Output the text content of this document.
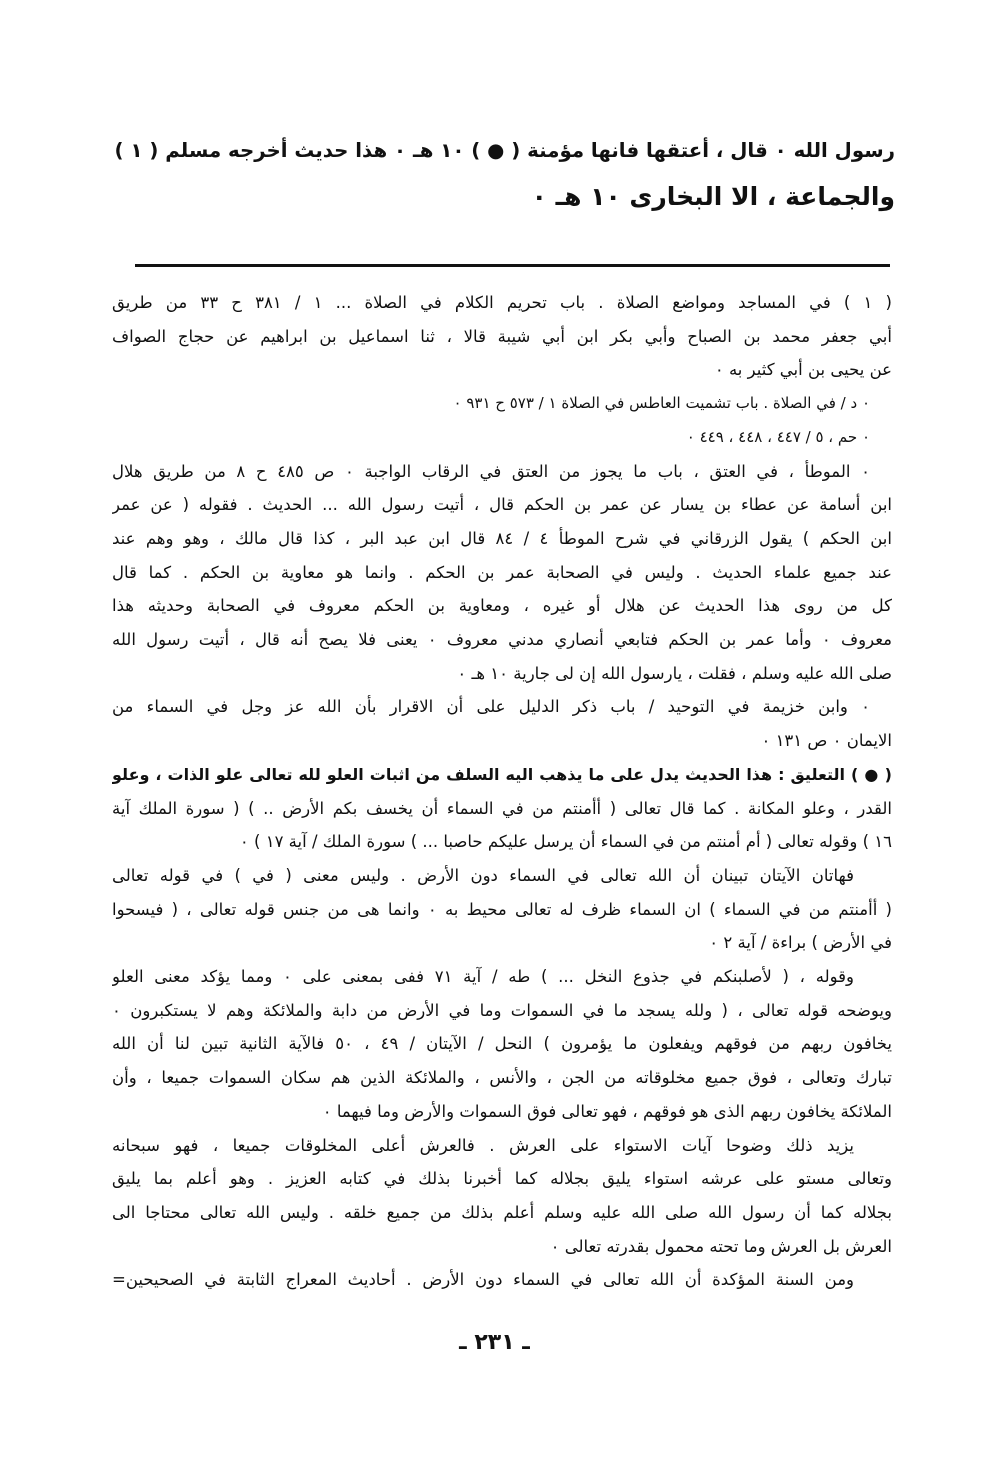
رسول الله ٠ قال ، أعتقها فانها مؤمنة ( ● ) ١٠ هـ ٠ هذا حديث أخرجه مسلم ( ١ )
والجماعة ، الا البخارى ١٠ هـ ٠
( ١ ) في المساجد ومواضع الصلاة . باب تحريم الكلام في الصلاة ... ١ / ٣٨١ ح ٣٣ من طريق
أبي جعفر محمد بن الصباح وأبي بكر ابن أبي شيبة قالا ، ثنا اسماعيل بن ابراهيم عن حجاج الصواف
عن يحيى بن أبي كثير به ٠
٠ د / في الصلاة . باب تشميت العاطس في الصلاة ١ / ٥٧٣ ح ٩٣١ ٠
٠ حم ، ٥ / ٤٤٧ ، ٤٤٨ ، ٤٤٩ ٠
٠ الموطأ ، في العتق ، باب ما يجوز من العتق في الرقاب الواجبة ٠ ص ٤٨٥ ح ٨ من طريق هلال
ابن أسامة عن عطاء بن يسار عن عمر بن الحكم قال ، أتيت رسول الله ... الحديث . فقوله ( عن عمر
ابن الحكم ) يقول الزرقاني في شرح الموطأ ٤ / ٨٤ قال ابن عبد البر ، كذا قال مالك ، وهو وهم عند
عند جميع علماء الحديث . وليس في الصحابة عمر بن الحكم . وانما هو معاوية بن الحكم . كما قال
كل من روى هذا الحديث عن هلال أو غيره ، ومعاوية بن الحكم معروف في الصحابة وحديثه هذا
معروف ٠ وأما عمر بن الحكم فتابعي أنصاري مدني معروف ٠ يعنى فلا يصح أنه قال ، أتيت رسول الله
صلى الله عليه وسلم ، فقلت ، يارسول الله إن لى جارية ١٠ هـ ٠
٠ وابن خزيمة في التوحيد / باب ذكر الدليل على أن الاقرار بأن الله عز وجل في السماء من
الايمان ٠ ص ١٣١ ٠
( ● ) التعليق : هذا الحديث يدل على ما يذهب اليه السلف من اثبات العلو لله تعالى علو الذات ، وعلو
القدر ، وعلو المكانة . كما قال تعالى ( أأمنتم من في السماء أن يخسف بكم الأرض .. ) ( سورة الملك آية
١٦ ) وقوله تعالى ( أم أمنتم من في السماء أن يرسل عليكم حاصبا ... ) سورة الملك / آية ١٧ ) ٠
فهاتان الآيتان تبينان أن الله تعالى في السماء دون الأرض . وليس معنى ( في ) في قوله تعالى
( أأمنتم من في السماء ) ان السماء ظرف له تعالى محيط به ٠ وانما هى من جنس قوله تعالى ، ( فيسحوا
في الأرض ) براءة / آية ٢ ٠
وقوله ، ( لأصلبنكم في جذوع النخل ... ) طه / آية ٧١ ففى بمعنى على ٠ ومما يؤكد معنى العلو
ويوضحه قوله تعالى ، ( ولله يسجد ما في السموات وما في الأرض من دابة والملائكة وهم لا يستكبرون ٠
يخافون ربهم من فوقهم ويفعلون ما يؤمرون ) النحل / الآيتان / ٤٩ ، ٥٠ فالآية الثانية تبين لنا أن الله
تبارك وتعالى ، فوق جميع مخلوقاته من الجن ، والأنس ، والملائكة الذين هم سكان السموات جميعا ، وأن
الملائكة يخافون ربهم الذى هو فوقهم ، فهو تعالى فوق السموات والأرض وما فيهما ٠
يزيد ذلك وضوحا آيات الاستواء على العرش . فالعرش أعلى المخلوقات جميعا ، فهو سبحانه
وتعالى مستو على عرشه استواء يليق بجلاله كما أخبرنا بذلك في كتابه العزيز . وهو أعلم بما يليق
بجلاله كما أن رسول الله صلى الله عليه وسلم أعلم بذلك من جميع خلقه . وليس الله تعالى محتاجا الى
العرش بل العرش وما تحته محمول بقدرته تعالى ٠
ومن السنة المؤكدة أن الله تعالى في السماء دون الأرض . أحاديث المعراج الثابتة في الصحيحين=
ـ ٢٣١ ـ
